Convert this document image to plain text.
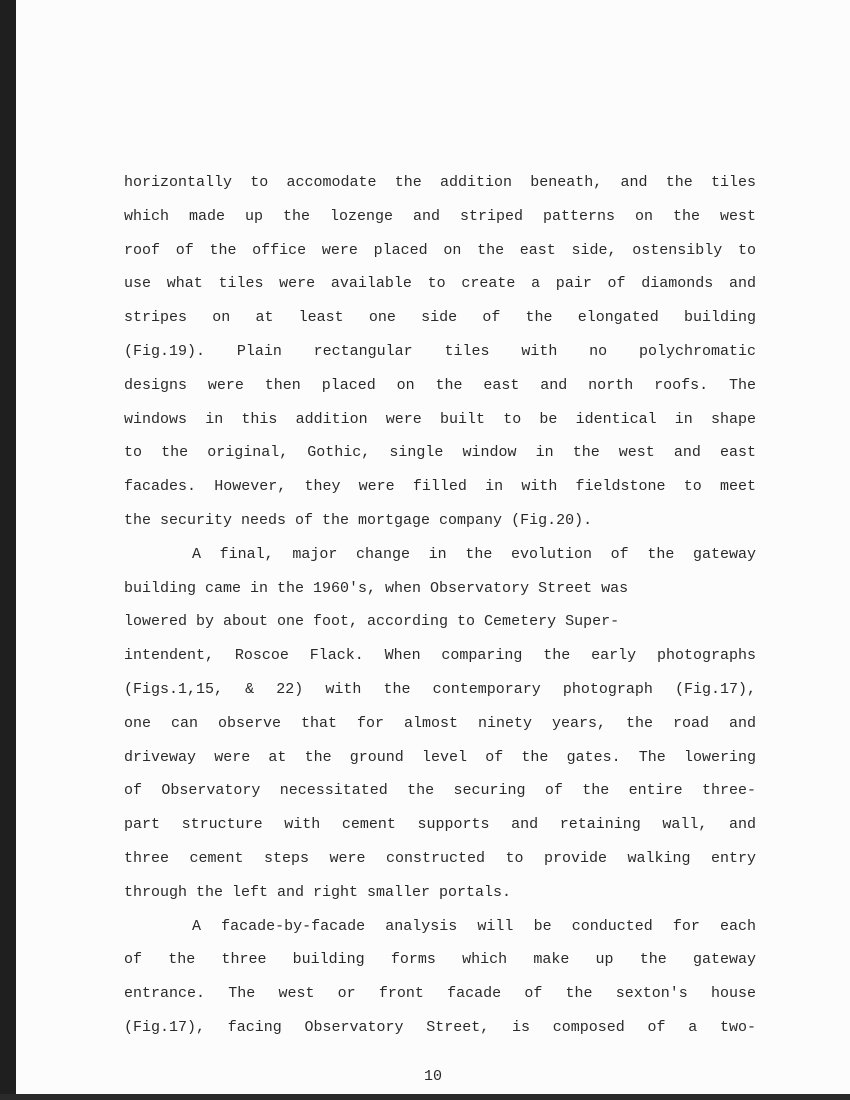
horizontally to accomodate the addition beneath, and the tiles
which made up the lozenge and striped patterns on the west
roof of the office were placed on the east side, ostensibly to
use what tiles were available to create a pair of diamonds and
stripes on at least one side of the elongated building
(Fig.19). Plain rectangular tiles with no polychromatic
designs were then placed on the east and north roofs. The
windows in this addition were built to be identical in shape
to the original, Gothic, single window in the west and east
facades. However, they were filled in with fieldstone to meet
the security needs of the mortgage company (Fig.20).
A final, major change in the evolution of the gateway
building came in the 1960's, when Observatory Street was
lowered by about one foot, according to Cemetery Super-
intendent, Roscoe Flack. When comparing the early photographs
(Figs.1,15, & 22) with the contemporary photograph (Fig.17),
one can observe that for almost ninety years, the road and
driveway were at the ground level of the gates. The lowering
of Observatory necessitated the securing of the entire three-
part structure with cement supports and retaining wall, and
three cement steps were constructed to provide walking entry
through the left and right smaller portals.
A facade-by-facade analysis will be conducted for each
of the three building forms which make up the gateway
entrance. The west or front facade of the sexton's house
(Fig.17), facing Observatory Street, is composed of a two-
10
